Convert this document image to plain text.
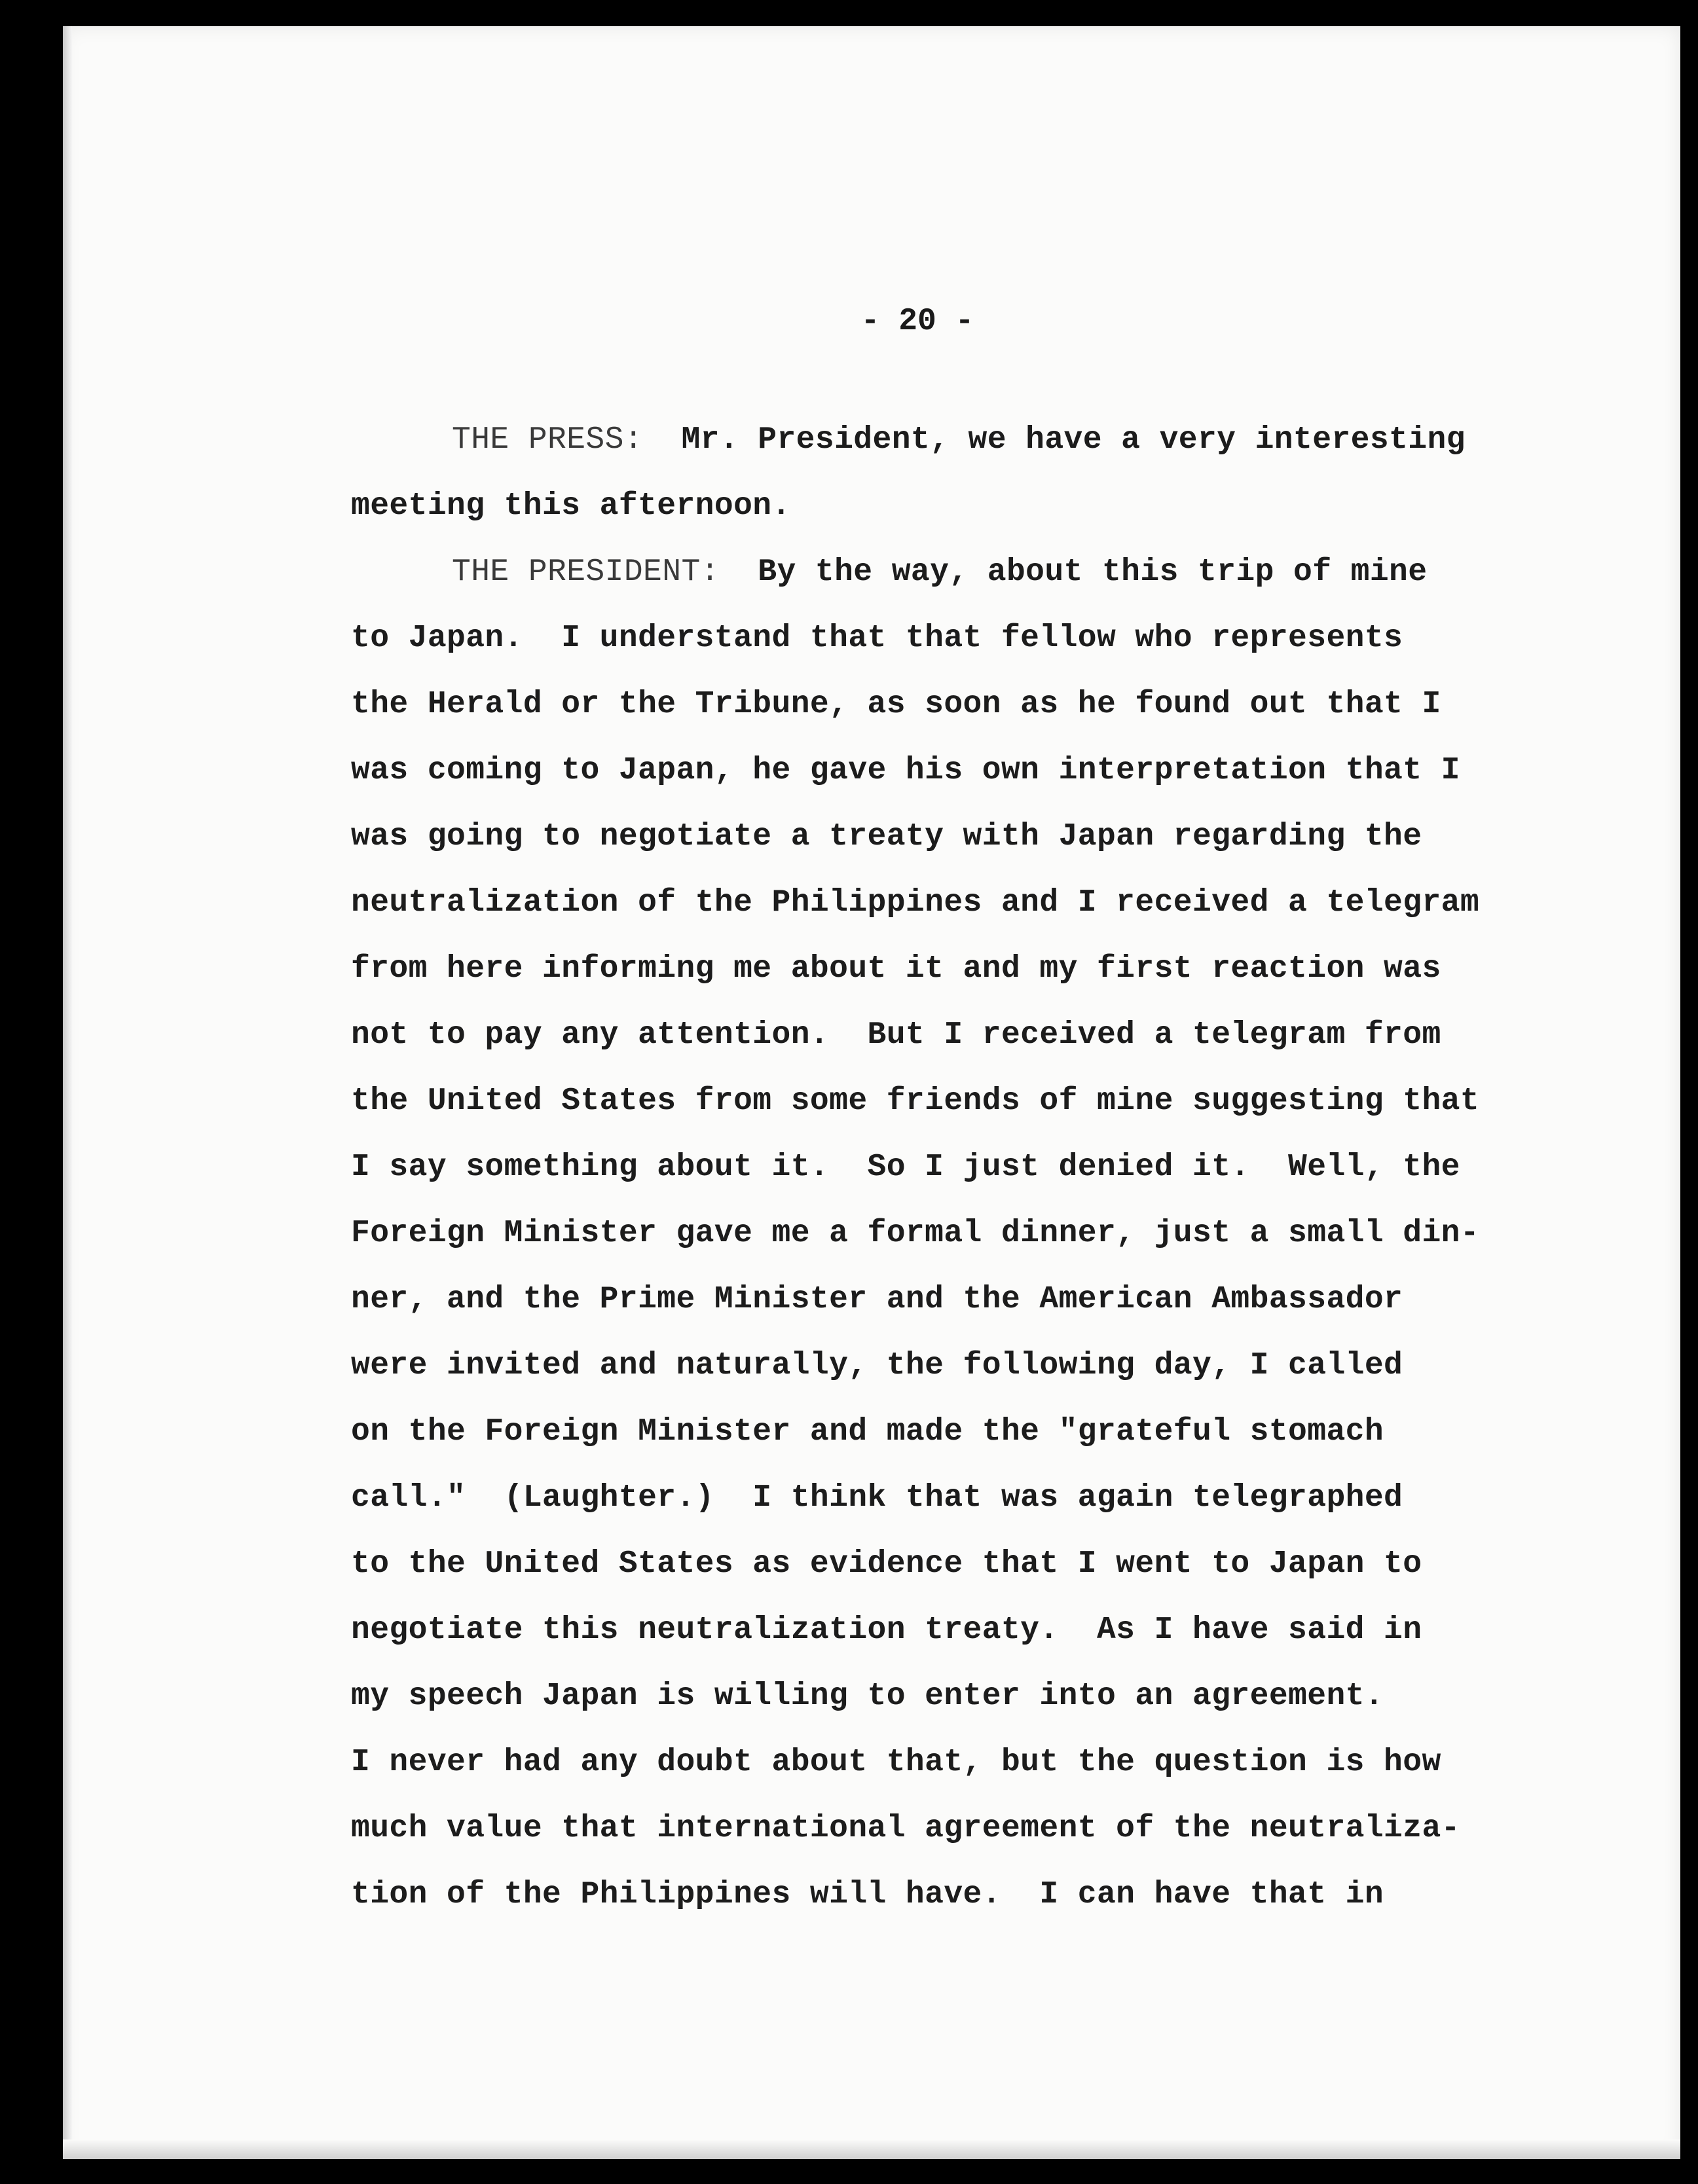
- 20 -
THE PRESS:  Mr. President, we have a very interesting
meeting this afternoon.
THE PRESIDENT:  By the way, about this trip of mine
to Japan.  I understand that that fellow who represents
the Herald or the Tribune, as soon as he found out that I
was coming to Japan, he gave his own interpretation that I
was going to negotiate a treaty with Japan regarding the
neutralization of the Philippines and I received a telegram
from here informing me about it and my first reaction was
not to pay any attention.  But I received a telegram from
the United States from some friends of mine suggesting that
I say something about it.  So I just denied it.  Well, the
Foreign Minister gave me a formal dinner, just a small din-
ner, and the Prime Minister and the American Ambassador
were invited and naturally, the following day, I called
on the Foreign Minister and made the "grateful stomach
call."  (Laughter.)  I think that was again telegraphed
to the United States as evidence that I went to Japan to
negotiate this neutralization treaty.  As I have said in
my speech Japan is willing to enter into an agreement.
I never had any doubt about that, but the question is how
much value that international agreement of the neutraliza-
tion of the Philippines will have.  I can have that in
